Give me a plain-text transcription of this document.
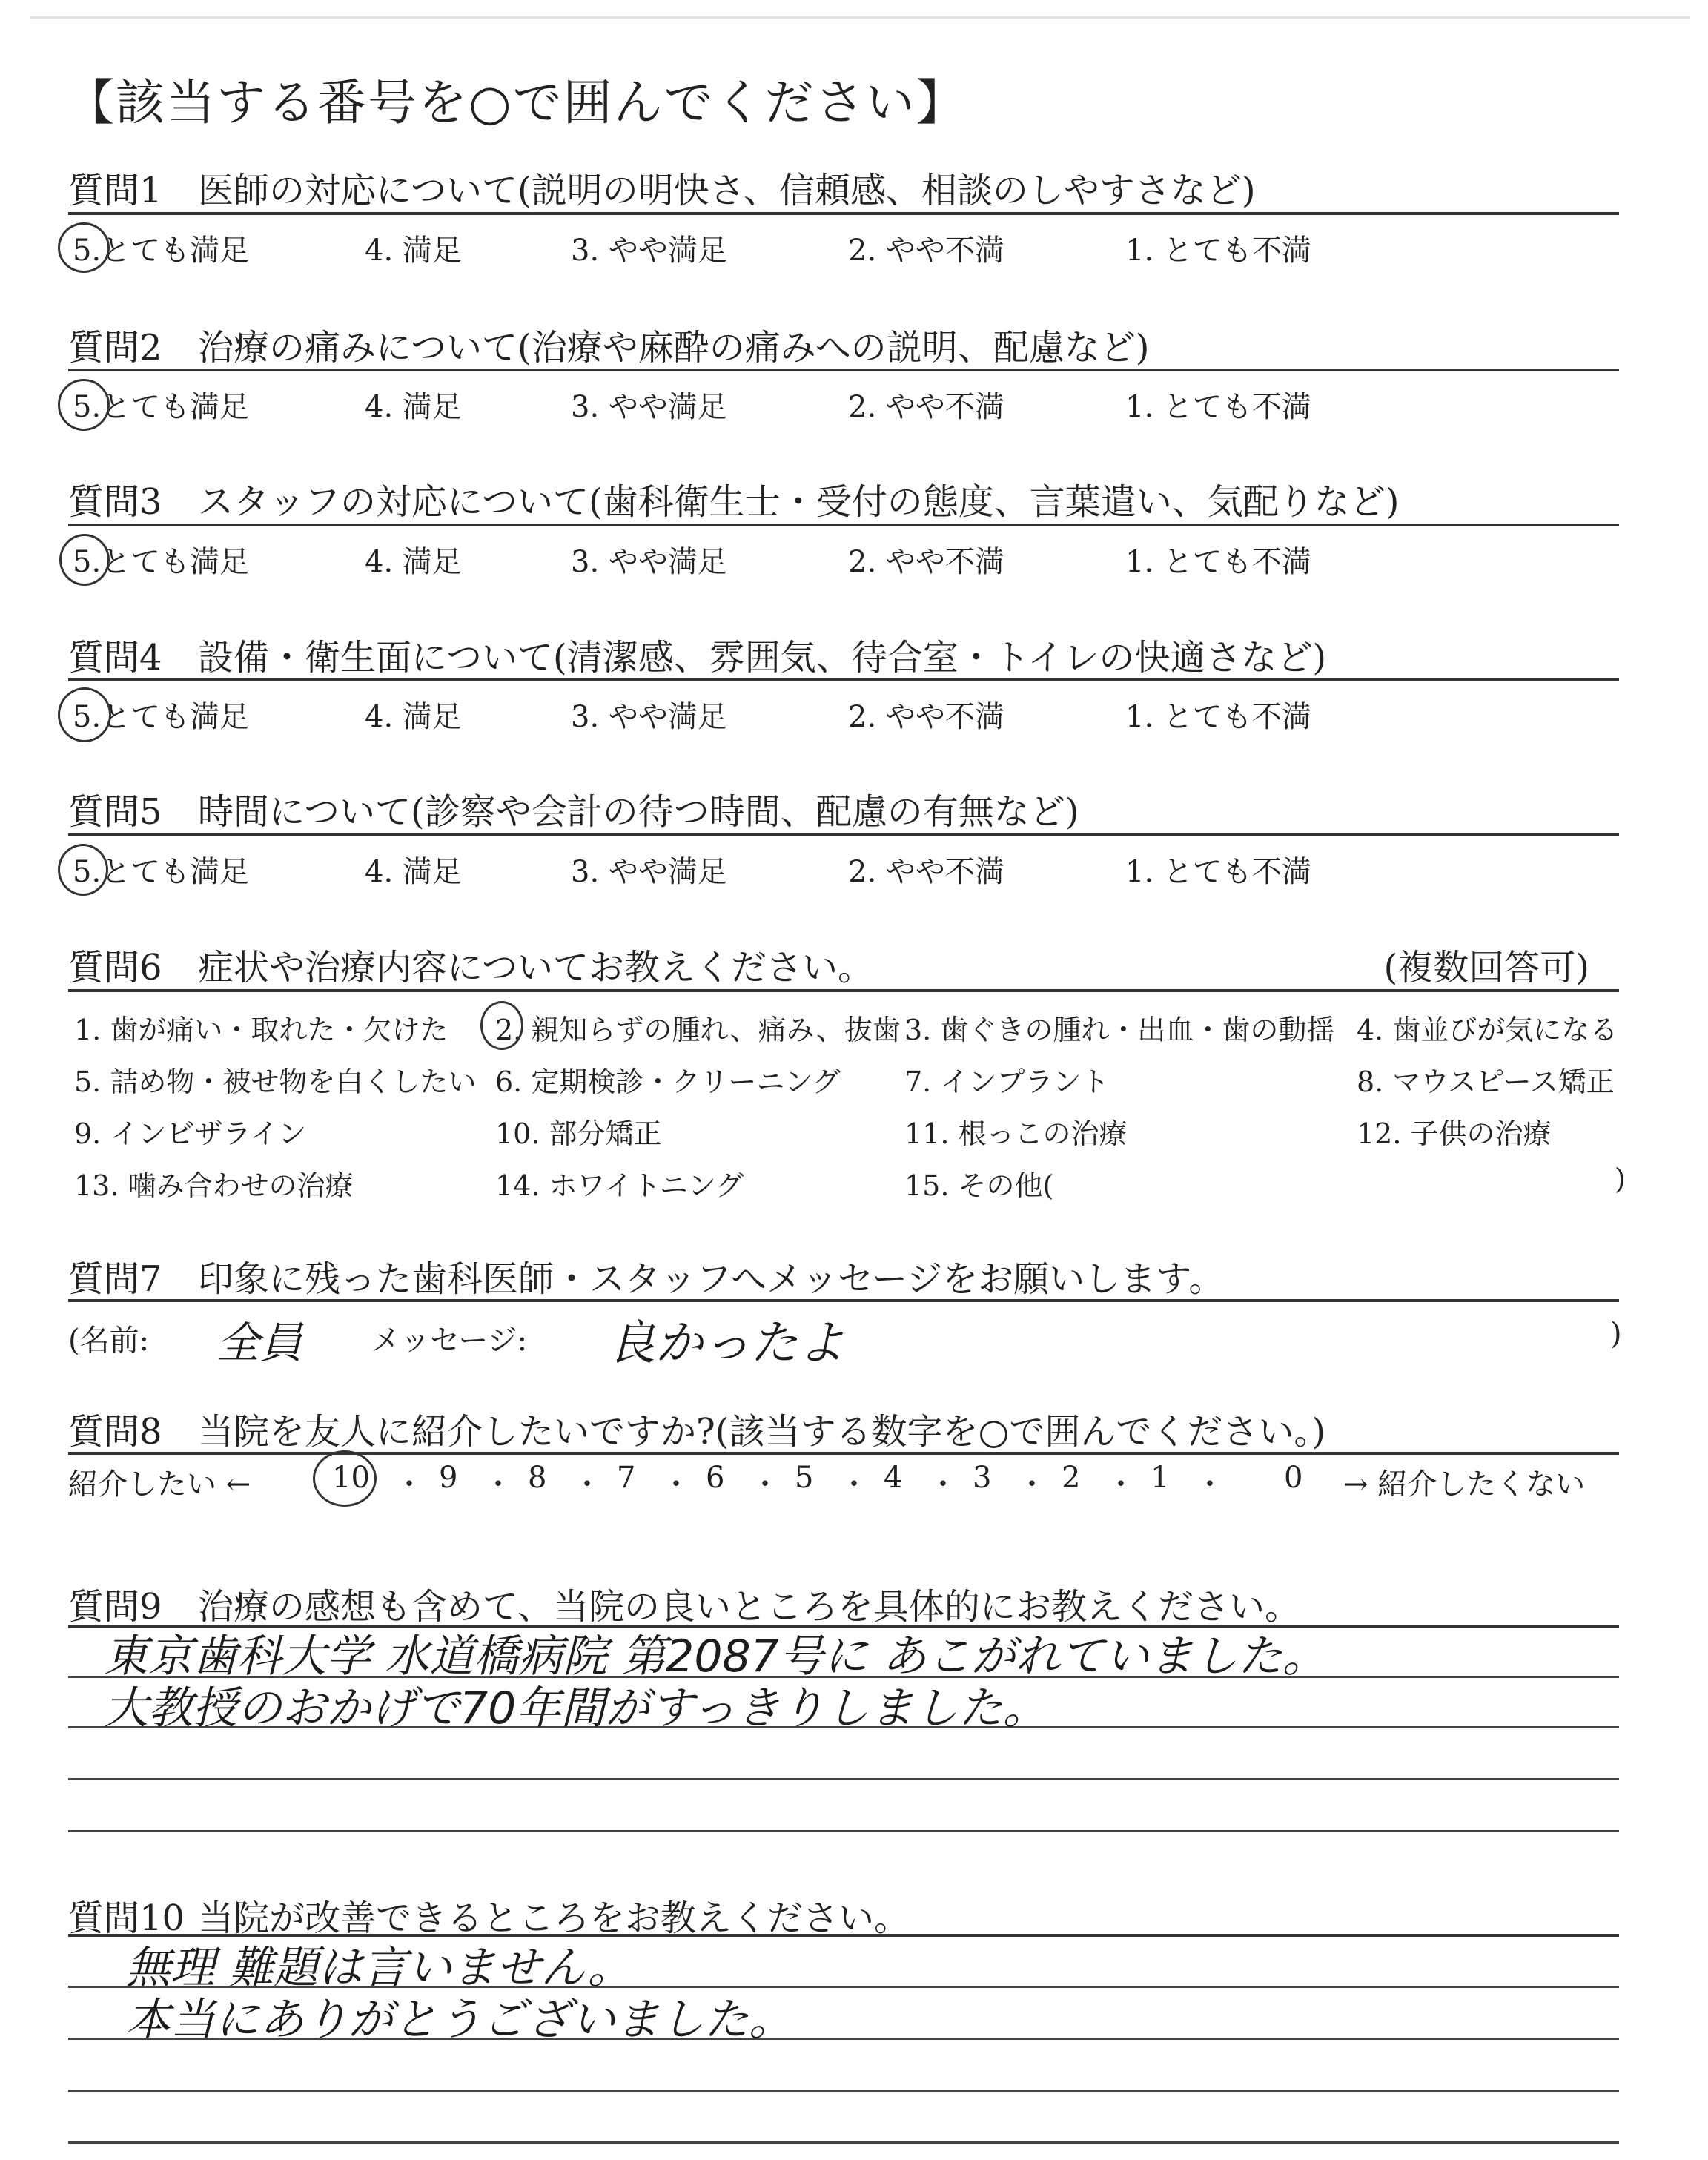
【該当する番号を○で囲んでください】
質問1 医師の対応について(説明の明快さ、信頼感、相談のしやすさなど)
5.とても満足	4. 満足	3. やや満足	2. やや不満	1. とても不満
質問2 治療の痛みについて(治療や麻酔の痛みへの説明、配慮など)
5.とても満足	4. 満足	3. やや満足	2. やや不満	1. とても不満
質問3 スタッフの対応について(歯科衛生士・受付の態度、言葉遣い、気配りなど)
5.とても満足	4. 満足	3. やや満足	2. やや不満	1. とても不満
質問4 設備・衛生面について(清潔感、雰囲気、待合室・トイレの快適さなど)
5.とても満足	4. 満足	3. やや満足	2. やや不満	1. とても不満
質問5 時間について(診察や会計の待つ時間、配慮の有無など)
5.とても満足	4. 満足	3. やや満足	2. やや不満	1. とても不満
質問6 症状や治療内容についてお教えください。	(複数回答可)
1. 歯が痛い・取れた・欠けた 2. 親知らずの腫れ、痛み、抜歯 3. 歯ぐきの腫れ・出血・歯の動揺 4. 歯並びが気になる
5. 詰め物・被せ物を白くしたい 6. 定期検診・クリーニング 7. インプラント	8. マウスピース矯正
9. インビザライン	10. 部分矯正	11. 根っこの治療	12. 子供の治療
13. 噛み合わせの治療	14. ホワイトニング	15. その他(	)
質問7 印象に残った歯科医師・スタッフへメッセージをお願いします。
(名前: 全員 メッセージ: 良かったよ	)
質問8 当院を友人に紹介したいですか?(該当する数字を○で囲んでください。)
紹介したい ←	10 ・ 9 ・ 8 ・ 7 ・ 6 ・ 5 ・ 4 ・ 3 ・ 2 ・ 1 ・ 0 → 紹介したくない
質問9 治療の感想も含めて、当院の良いところを具体的にお教えください。
東京歯科大学 水道橋病院 第2087号に あこがれていました。
大教授のおかげで70年間がすっきりしました。
質問10 当院が改善できるところをお教えください。
無理 難題は言いません。
本当にありがとうございました。
